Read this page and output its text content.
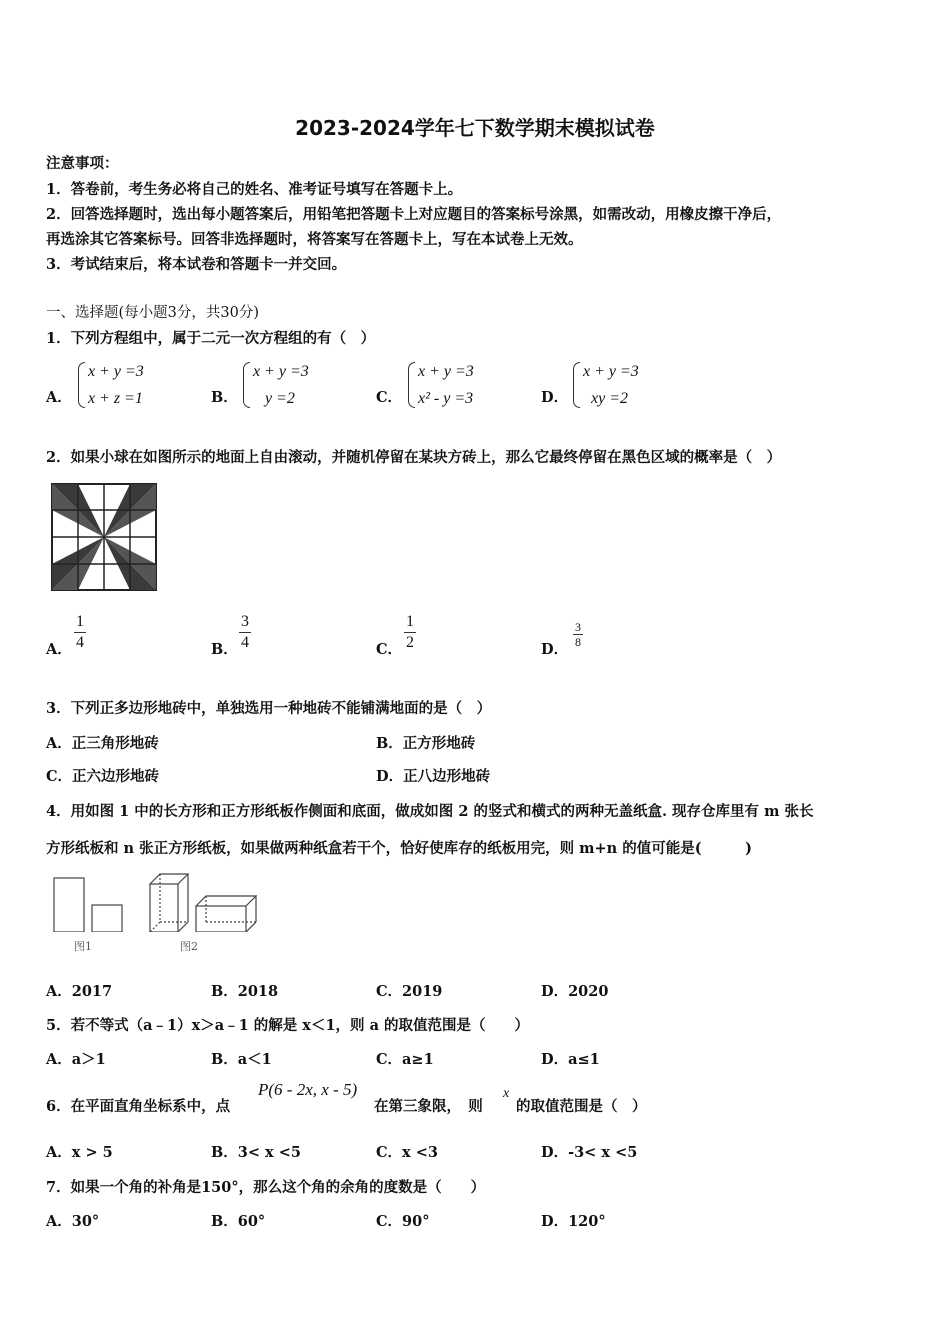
2023-2024学年七下数学期末模拟试卷
注意事项：
1．答卷前，考生务必将自己的姓名、准考证号填写在答题卡上。
2．回答选择题时，选出每小题答案后，用铅笔把答题卡上对应题目的答案标号涂黑，如需改动，用橡皮擦干净后，
再选涂其它答案标号。回答非选择题时，将答案写在答题卡上，写在本试卷上无效。
3．考试结束后，将本试卷和答题卡一并交回。
一、选择题(每小题3分，共30分)
1．下列方程组中，属于二元一次方程组的有（　）
A．
x + y =3
x + z =1	B．
x + y =3
y =2	C．
x + y =3
x² - y =3	D．
x + y =3
xy =2
2．如果小球在如图所示的地面上自由滚动，并随机停留在某块方砖上，那么它最终停留在黑色区域的概率是（　）
A． $\frac{1}{4}$	B． $\frac{3}{4}$	C． $\frac{1}{2}$	D．
$\frac{3}{8}$
3．下列正多边形地砖中，单独选用一种地砖不能铺满地面的是（　）
A．正三角形地砖	B．正方形地砖
C．正六边形地砖	D．正八边形地砖
4．用如图 1 中的长方形和正方形纸板作侧面和底面，做成如图 2 的竖式和横式的两种无盖纸盒. 现存仓库里有 m 张长
方形纸板和 n 张正方形纸板，如果做两种纸盒若干个，恰好使库存的纸板用完，则 m+n 的值可能是(　　　)
图1	图2
A．2017	B．2018	C．2019	D．2020
5．若不等式（a﹣1）x＞a﹣1 的解是 x＜1，则 a 的取值范围是（　　）
A．a＞1	B．a＜1	C．a≥1	D．a≤1
6．在平面直角坐标系中，点
P(6 - 2x, x - 5)
在第三象限，　则
x
的取值范围是（　）
A．x > 5	B．3< x <5	C．x <3	D．-3< x <5
7．如果一个角的补角是150°，那么这个角的余角的度数是（　　）
A．30°	B．60°	C．90°	D．120°
